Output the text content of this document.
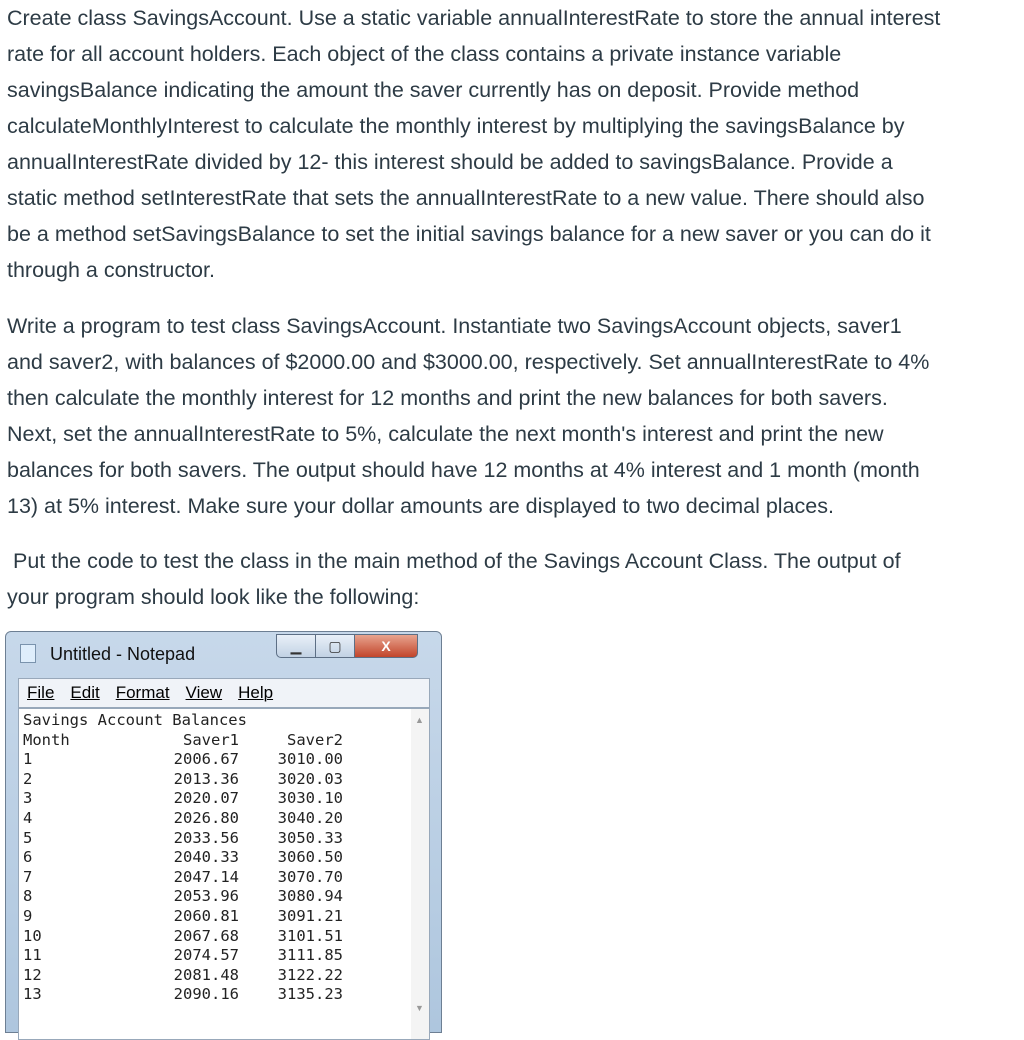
Create class SavingsAccount. Use a static variable annualInterestRate to store the annual interest
rate for all account holders. Each object of the class contains a private instance variable
savingsBalance indicating the amount the saver currently has on deposit. Provide method
calculateMonthlyInterest to calculate the monthly interest by multiplying the savingsBalance by
annualInterestRate divided by 12- this interest should be added to savingsBalance. Provide a
static method setInterestRate that sets the annualInterestRate to a new value. There should also
be a method setSavingsBalance to set the initial savings balance for a new saver or you can do it
through a constructor.
Write a program to test class SavingsAccount. Instantiate two SavingsAccount objects, saver1
and saver2, with balances of $2000.00 and $3000.00, respectively. Set annualInterestRate to 4%
then calculate the monthly interest for 12 months and print the new balances for both savers.
Next, set the annualInterestRate to 5%, calculate the next month's interest and print the new
balances for both savers. The output should have 12 months at 4% interest and 1 month (month
13) at 5% interest. Make sure your dollar amounts are displayed to two decimal places.
Put the code to test the class in the main method of the Savings Account Class. The output of
your program should look like the following:
Untitled - Notepad	▁	▢	X
File Edit Format View Help
Savings Account Balances
Month	Saver1	Saver2
1	2006.67	3010.00
2	2013.36	3020.03
3	2020.07	3030.10
4	2026.80	3040.20
5	2033.56	3050.33
6	2040.33	3060.50
7	2047.14	3070.70
8	2053.96	3080.94
9	2060.81	3091.21
10	2067.68	3101.51
11	2074.57	3111.85
12	2081.48	3122.22
13	2090.16	3135.23
▲
▼
